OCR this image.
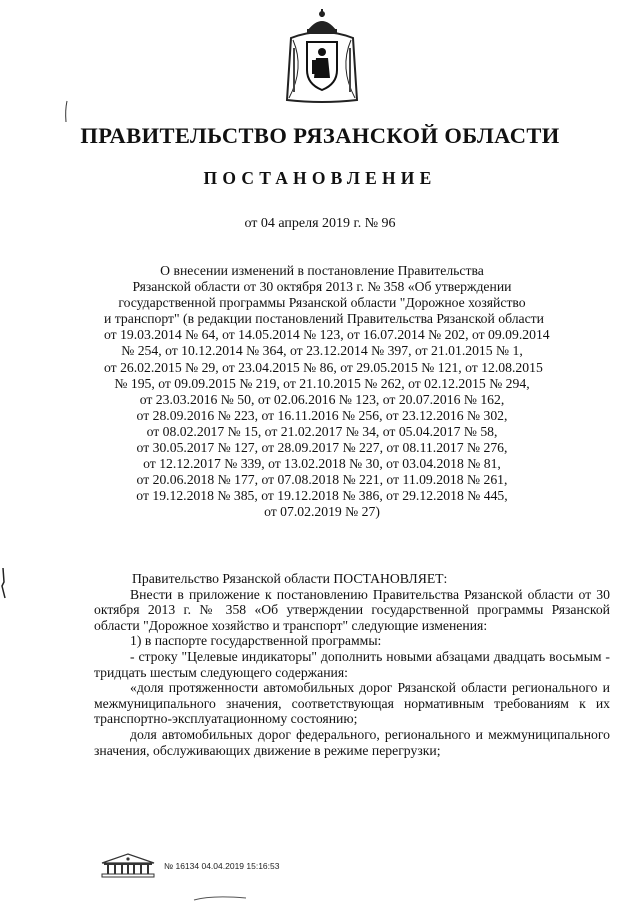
ПРАВИТЕЛЬСТВО РЯЗАНСКОЙ ОБЛАСТИ
ПОСТАНОВЛЕНИЕ
от 04 апреля 2019 г. № 96
О внесении изменений в постановление Правительства
Рязанской области от 30 октября 2013 г. № 358 «Об утверждении
государственной программы Рязанской области "Дорожное хозяйство
и транспорт" (в редакции постановлений Правительства Рязанской области
от 19.03.2014 № 64, от 14.05.2014 № 123, от 16.07.2014 № 202, от 09.09.2014
№ 254, от 10.12.2014 № 364, от 23.12.2014 № 397, от 21.01.2015 № 1,
от 26.02.2015 № 29, от 23.04.2015 № 86, от 29.05.2015 № 121, от 12.08.2015
№ 195, от 09.09.2015 № 219, от 21.10.2015 № 262, от 02.12.2015 № 294,
от 23.03.2016 № 50, от 02.06.2016 № 123, от 20.07.2016 № 162,
от 28.09.2016 № 223, от 16.11.2016 № 256, от 23.12.2016 № 302,
от 08.02.2017 № 15, от 21.02.2017 № 34, от 05.04.2017 № 58,
от 30.05.2017 № 127, от 28.09.2017 № 227, от 08.11.2017 № 276,
от 12.12.2017 № 339, от 13.02.2018 № 30, от 03.04.2018 № 81,
от 20.06.2018 № 177, от 07.08.2018 № 221, от 11.09.2018 № 261,
от 19.12.2018 № 385, от 19.12.2018 № 386, от 29.12.2018 № 445,
от 07.02.2019 № 27)

Правительство Рязанской области ПОСТАНОВЛЯЕТ:

Внести в приложение к постановлению Правительства Рязанской области от 30 октября 2013 г. № 358 «Об утверждении государственной программы Рязанской области "Дорожное хозяйство и транспорт" следующие изменения:

1) в паспорте государственной программы:

- строку "Целевые индикаторы" дополнить новыми абзацами двадцать восьмым - тридцать шестым следующего содержания:

«доля протяженности автомобильных дорог Рязанской области регионального и межмуниципального значения, соответствующая нормативным требованиям к их транспортно-эксплуатационному состоянию;

доля автомобильных дорог федерального, регионального и межмуниципального значения, обслуживающих движение в режиме перегрузки;

№ 16134 04.04.2019 15:16:53
